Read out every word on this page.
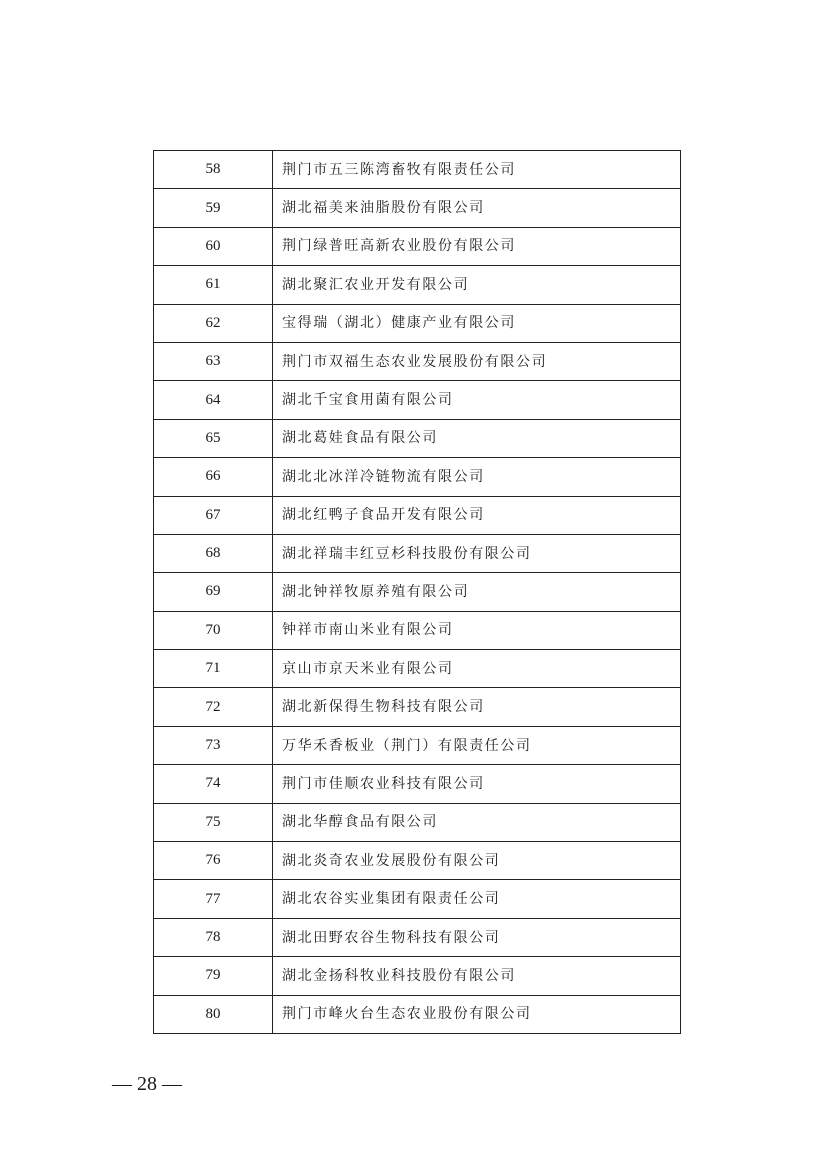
58	荆门市五三陈湾畜牧有限责任公司
59	湖北福美来油脂股份有限公司
60	荆门绿普旺高新农业股份有限公司
61	湖北聚汇农业开发有限公司
62	宝得瑞（湖北）健康产业有限公司
63	荆门市双福生态农业发展股份有限公司
64	湖北千宝食用菌有限公司
65	湖北葛娃食品有限公司
66	湖北北冰洋冷链物流有限公司
67	湖北红鸭子食品开发有限公司
68	湖北祥瑞丰红豆杉科技股份有限公司
69	湖北钟祥牧原养殖有限公司
70	钟祥市南山米业有限公司
71	京山市京天米业有限公司
72	湖北新保得生物科技有限公司
73	万华禾香板业（荆门）有限责任公司
74	荆门市佳顺农业科技有限公司
75	湖北华醇食品有限公司
76	湖北炎奇农业发展股份有限公司
77	湖北农谷实业集团有限责任公司
78	湖北田野农谷生物科技有限公司
79	湖北金扬科牧业科技股份有限公司
80	荆门市峰火台生态农业股份有限公司
— 28 —
